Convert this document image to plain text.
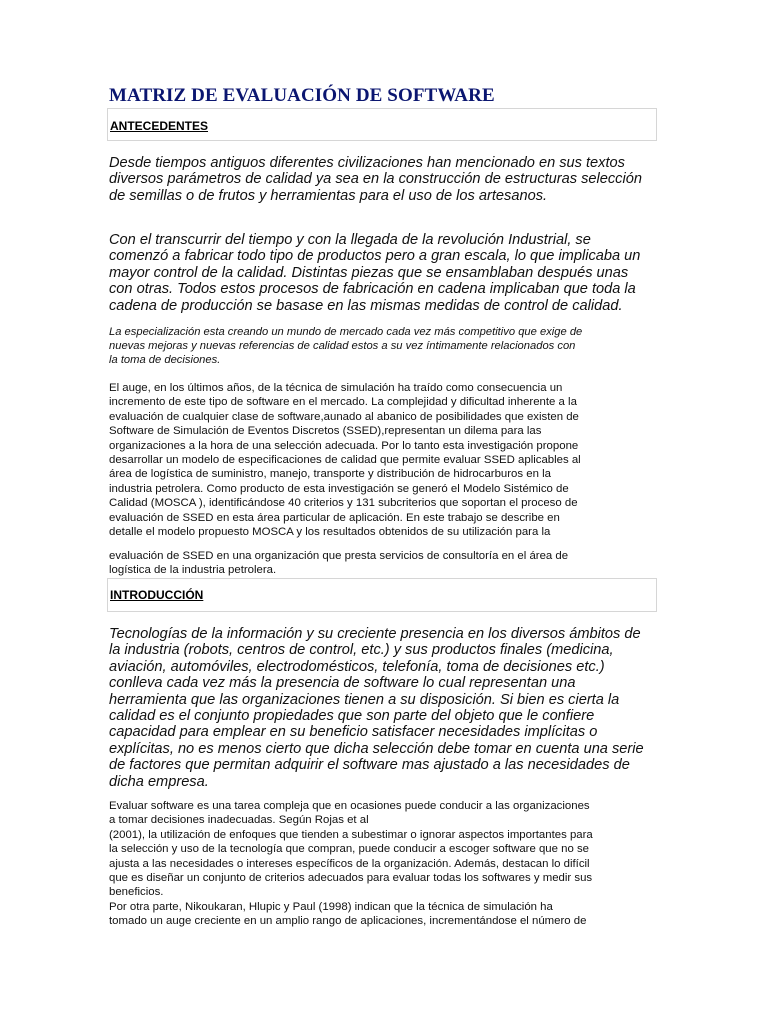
MATRIZ DE EVALUACIÓN DE SOFTWARE
ANTECEDENTES

Desde tiempos antiguos diferentes civilizaciones han mencionado en sus textos
diversos parámetros de calidad ya sea en la construcción de estructuras selección
de semillas o de frutos y herramientas para el uso de los artesanos.

Con el transcurrir del tiempo y con la llegada de la revolución Industrial, se
comenzó a fabricar todo tipo de productos pero a gran escala, lo que implicaba un
mayor control de la calidad. Distintas piezas que se ensamblaban después unas
con otras. Todos estos procesos de fabricación en cadena implicaban que toda la
cadena de producción se basase en las mismas medidas de control de calidad.

La especialización esta creando un mundo de mercado cada vez más competitivo que exige de
nuevas mejoras y nuevas referencias de calidad estos a su vez íntimamente relacionados con
la toma de decisiones.

El auge, en los últimos años, de la técnica de simulación ha traído como consecuencia un
incremento de este tipo de software en el mercado. La complejidad y dificultad inherente a la
evaluación de cualquier clase de software,aunado al abanico de posibilidades que existen de
Software de Simulación de Eventos Discretos (SSED),representan un dilema para las
organizaciones a la hora de una selección adecuada. Por lo tanto esta investigación propone
desarrollar un modelo de especificaciones de calidad que permite evaluar SSED aplicables al
área de logística de suministro, manejo, transporte y distribución de hidrocarburos en la
industria petrolera. Como producto de esta investigación se generó el Modelo Sistémico de
Calidad (MOSCA ), identificándose 40 criterios y 131 subcriterios que soportan el proceso de
evaluación de SSED en esta área particular de aplicación. En este trabajo se describe en
detalle el modelo propuesto MOSCA y los resultados obtenidos de su utilización para la

evaluación de SSED en una organización que presta servicios de consultoría en el área de
logística de la industria petrolera.

INTRODUCCIÓN

Tecnologías de la información y su creciente presencia en los diversos ámbitos de
la industria (robots, centros de control, etc.) y sus productos finales (medicina,
aviación, automóviles, electrodomésticos, telefonía, toma de decisiones etc.)
conlleva cada vez más la presencia de software lo cual representan una
herramienta que las organizaciones tienen a su disposición. Si bien es cierta la
calidad es el conjunto propiedades que son parte del objeto que le confiere
capacidad para emplear en su beneficio satisfacer necesidades implícitas o
explícitas, no es menos cierto que dicha selección debe tomar en cuenta una serie
de factores que permitan adquirir el software mas ajustado a las necesidades de
dicha empresa.

Evaluar software es una tarea compleja que en ocasiones puede conducir a las organizaciones
a tomar decisiones inadecuadas. Según Rojas et al
(2001), la utilización de enfoques que tienden a subestimar o ignorar aspectos importantes para
la selección y uso de la tecnología que compran, puede conducir a escoger software que no se
ajusta a las necesidades o intereses específicos de la organización. Además, destacan lo difícil
que es diseñar un conjunto de criterios adecuados para evaluar todas los softwares y medir sus
beneficios.
Por otra parte, Nikoukaran, Hlupic y Paul (1998) indican que la técnica de simulación ha
tomado un auge creciente en un amplio rango de aplicaciones, incrementándose el número de
